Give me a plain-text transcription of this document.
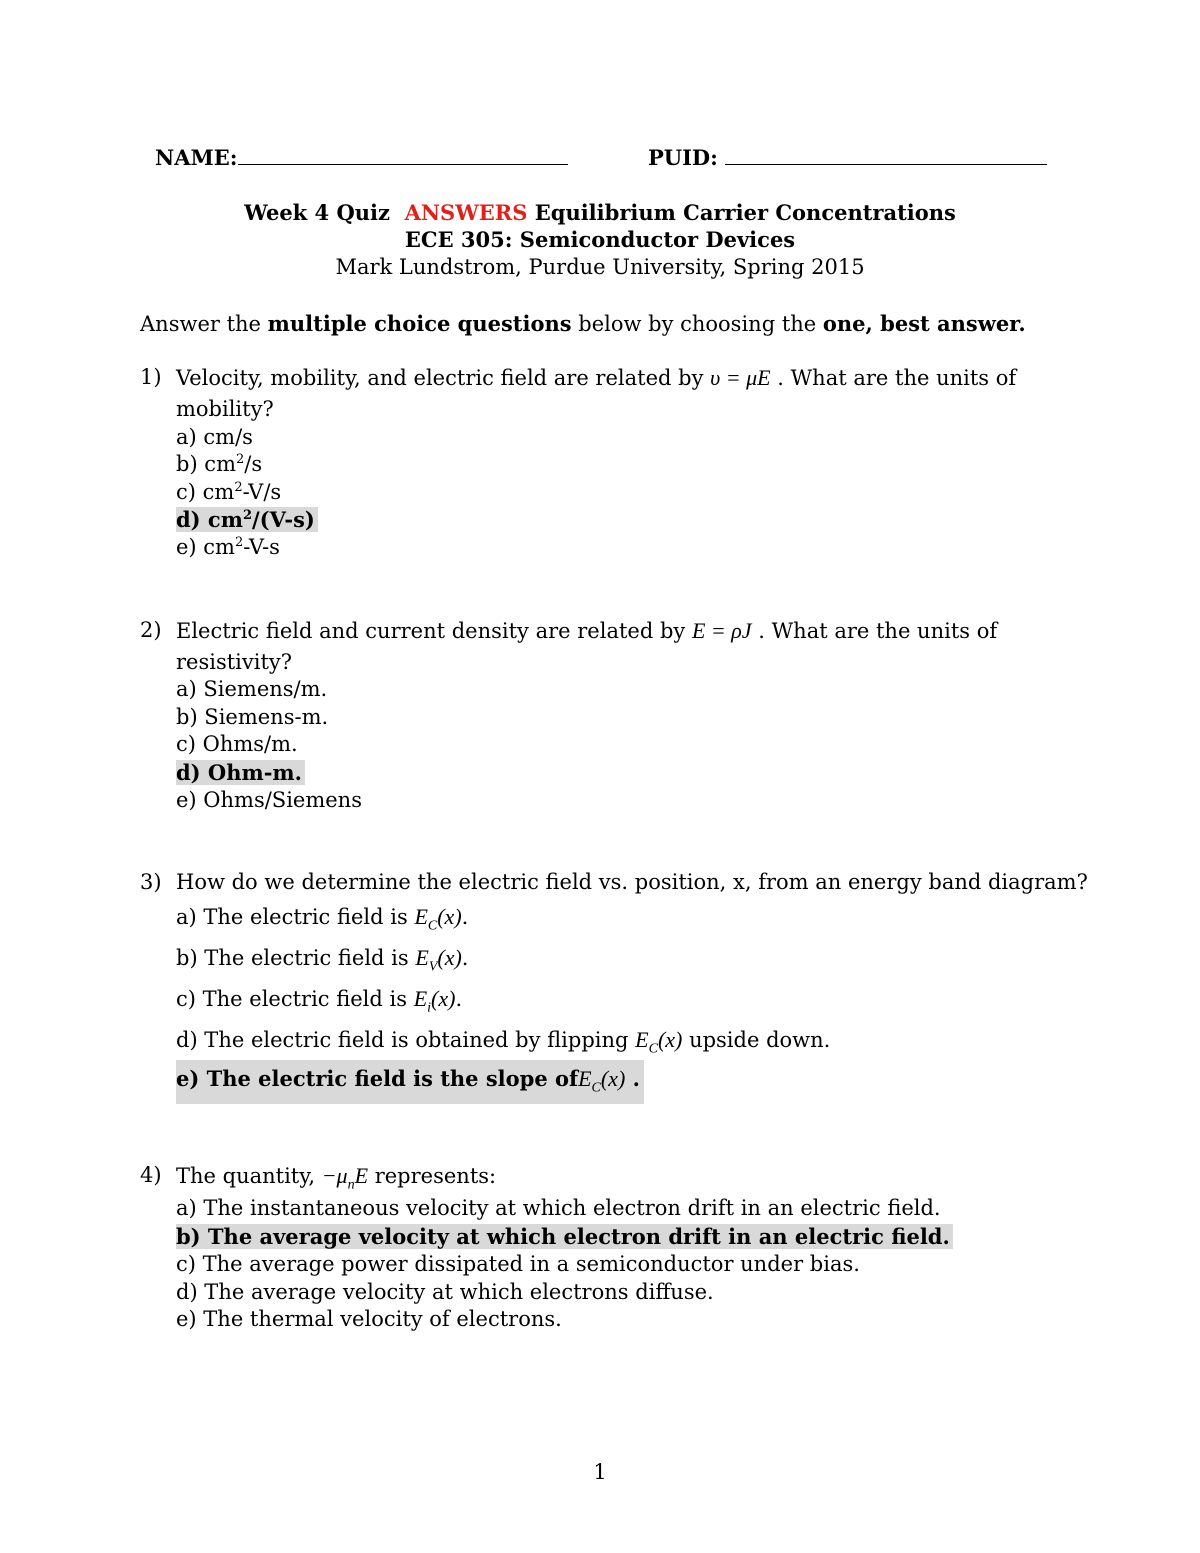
NAME:	PUID:
Week 4 Quiz ANSWERS Equilibrium Carrier Concentrations
ECE 305: Semiconductor Devices
Mark Lundstrom, Purdue University, Spring 2015
Answer the multiple choice questions below by choosing the one, best answer.
1) Velocity, mobility, and electric field are related by υ = μE . What are the units of
mobility?
a) cm/s
b) $cm^2/s$
c) $cm^2-V/s$
d) $cm^2/(V-s)$
e) $cm^2-V-s$
2) Electric field and current density are related by E = ρJ . What are the units of
resistivity?
a) Siemens/m.
b) Siemens-m.
c) Ohms/m.
d) Ohm-m.
e) Ohms/Siemens
3) How do we determine the electric field vs. position, x, from an energy band diagram?
a) The electric field is $E_C(x)$.
b) The electric field is $E_V(x)$.
c) The electric field is $E_i(x)$.
d) The electric field is obtained by flipping $E_C(x)$ upside down.
e) The electric field is the slope ofE$_C$(x) .
4) The quantity, $-\mu_nE$ represents:
a) The instantaneous velocity at which electron drift in an electric field.
b) The average velocity at which electron drift in an electric field.
c) The average power dissipated in a semiconductor under bias.
d) The average velocity at which electrons diffuse.
e) The thermal velocity of electrons.
1
